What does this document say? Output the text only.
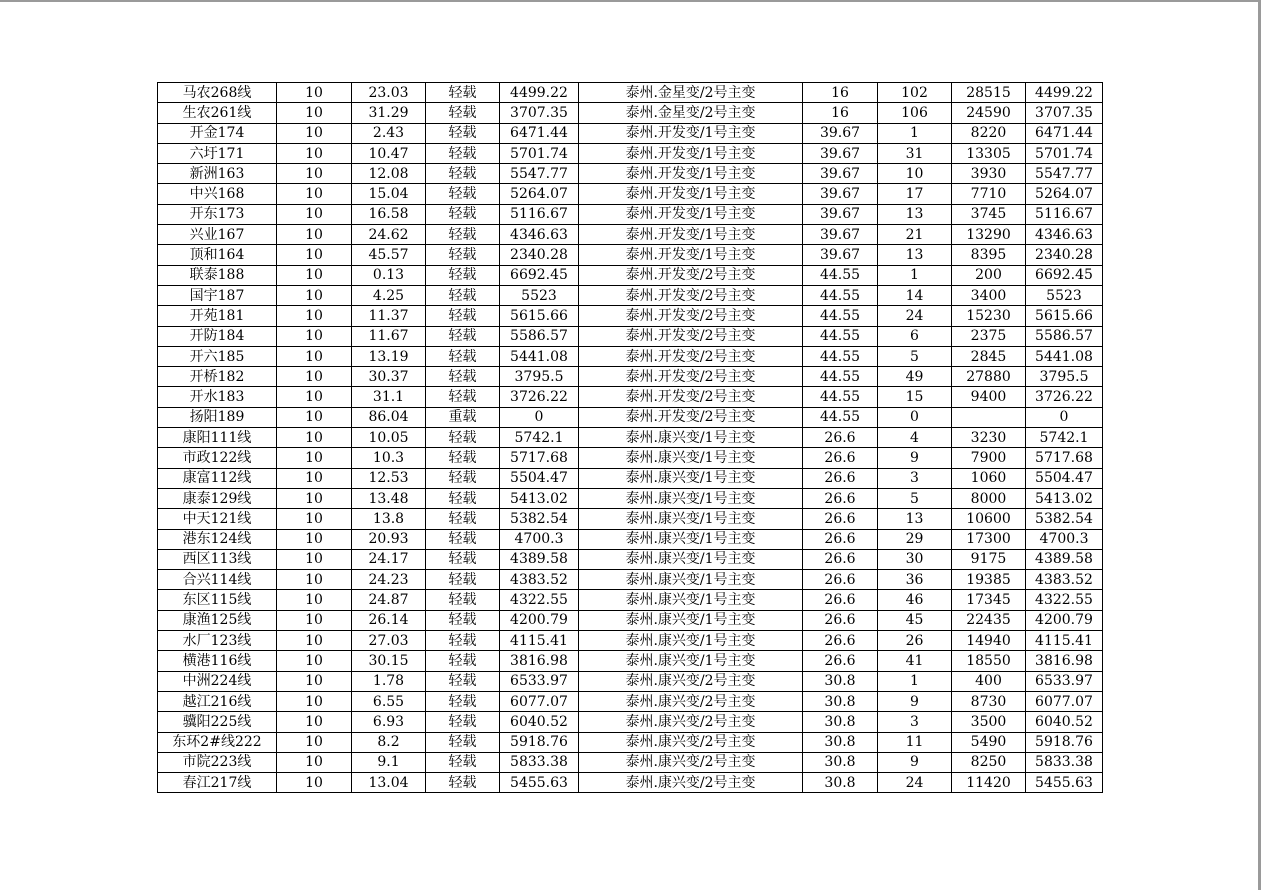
马农268线	10	23.03	轻载	4499.22	泰州.金星变/2号主变	16	102	28515	4499.22
生农261线	10	31.29	轻载	3707.35	泰州.金星变/2号主变	16	106	24590	3707.35
开金174	10	2.43	轻载	6471.44	泰州.开发变/1号主变	39.67	1	8220	6471.44
六圩171	10	10.47	轻载	5701.74	泰州.开发变/1号主变	39.67	31	13305	5701.74
新洲163	10	12.08	轻载	5547.77	泰州.开发变/1号主变	39.67	10	3930	5547.77
中兴168	10	15.04	轻载	5264.07	泰州.开发变/1号主变	39.67	17	7710	5264.07
开东173	10	16.58	轻载	5116.67	泰州.开发变/1号主变	39.67	13	3745	5116.67
兴业167	10	24.62	轻载	4346.63	泰州.开发变/1号主变	39.67	21	13290	4346.63
顶和164	10	45.57	轻载	2340.28	泰州.开发变/1号主变	39.67	13	8395	2340.28
联泰188	10	0.13	轻载	6692.45	泰州.开发变/2号主变	44.55	1	200	6692.45
国宇187	10	4.25	轻载	5523	泰州.开发变/2号主变	44.55	14	3400	5523
开苑181	10	11.37	轻载	5615.66	泰州.开发变/2号主变	44.55	24	15230	5615.66
开防184	10	11.67	轻载	5586.57	泰州.开发变/2号主变	44.55	6	2375	5586.57
开六185	10	13.19	轻载	5441.08	泰州.开发变/2号主变	44.55	5	2845	5441.08
开桥182	10	30.37	轻载	3795.5	泰州.开发变/2号主变	44.55	49	27880	3795.5
开水183	10	31.1	轻载	3726.22	泰州.开发变/2号主变	44.55	15	9400	3726.22
扬阳189	10	86.04	重载	0	泰州.开发变/2号主变	44.55	0		0
康阳111线	10	10.05	轻载	5742.1	泰州.康兴变/1号主变	26.6	4	3230	5742.1
市政122线	10	10.3	轻载	5717.68	泰州.康兴变/1号主变	26.6	9	7900	5717.68
康富112线	10	12.53	轻载	5504.47	泰州.康兴变/1号主变	26.6	3	1060	5504.47
康泰129线	10	13.48	轻载	5413.02	泰州.康兴变/1号主变	26.6	5	8000	5413.02
中天121线	10	13.8	轻载	5382.54	泰州.康兴变/1号主变	26.6	13	10600	5382.54
港东124线	10	20.93	轻载	4700.3	泰州.康兴变/1号主变	26.6	29	17300	4700.3
西区113线	10	24.17	轻载	4389.58	泰州.康兴变/1号主变	26.6	30	9175	4389.58
合兴114线	10	24.23	轻载	4383.52	泰州.康兴变/1号主变	26.6	36	19385	4383.52
东区115线	10	24.87	轻载	4322.55	泰州.康兴变/1号主变	26.6	46	17345	4322.55
康渔125线	10	26.14	轻载	4200.79	泰州.康兴变/1号主变	26.6	45	22435	4200.79
水厂123线	10	27.03	轻载	4115.41	泰州.康兴变/1号主变	26.6	26	14940	4115.41
横港116线	10	30.15	轻载	3816.98	泰州.康兴变/1号主变	26.6	41	18550	3816.98
中洲224线	10	1.78	轻载	6533.97	泰州.康兴变/2号主变	30.8	1	400	6533.97
越江216线	10	6.55	轻载	6077.07	泰州.康兴变/2号主变	30.8	9	8730	6077.07
骥阳225线	10	6.93	轻载	6040.52	泰州.康兴变/2号主变	30.8	3	3500	6040.52
东环2#线222	10	8.2	轻载	5918.76	泰州.康兴变/2号主变	30.8	11	5490	5918.76
市院223线	10	9.1	轻载	5833.38	泰州.康兴变/2号主变	30.8	9	8250	5833.38
春江217线	10	13.04	轻载	5455.63	泰州.康兴变/2号主变	30.8	24	11420	5455.63
